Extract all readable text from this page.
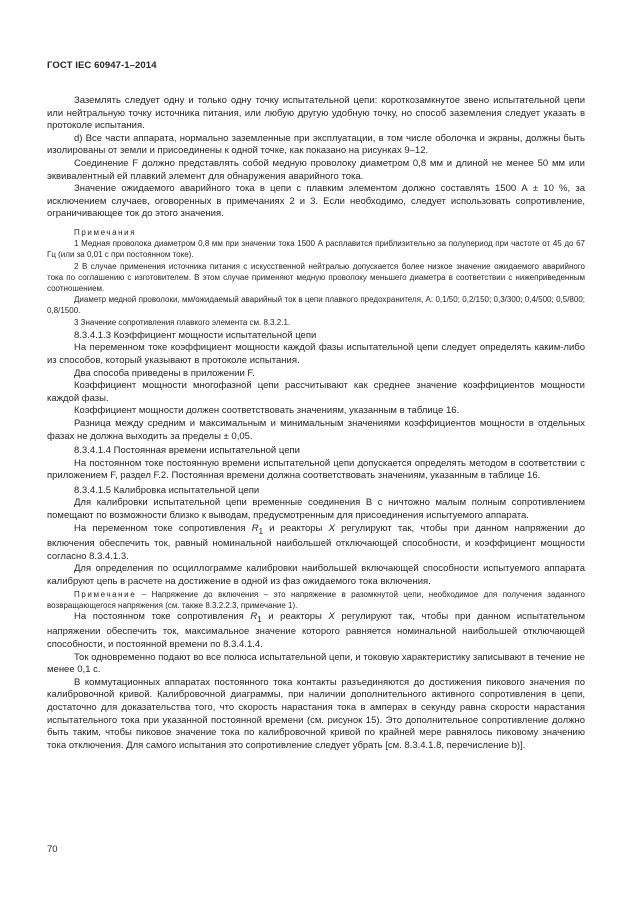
ГОСТ IEC 60947-1–2014

Заземлять следует одну и только одну точку испытательной цепи: короткозамкнутое звено испытательной цепи или нейтральную точку источника питания, или любую другую удобную точку, но способ заземления следует указать в протоколе испытания.

d) Все части аппарата, нормально заземленные при эксплуатации, в том числе оболочка и экраны, должны быть изолированы от земли и присоединены к одной точке, как показано на рисунках 9–12.

Соединение F должно представлять собой медную проволоку диаметром 0,8 мм и длиной не менее 50 мм или эквивалентный ей плавкий элемент для обнаружения аварийного тока.

Значение ожидаемого аварийного тока в цепи с плавким элементом должно составлять 1500 А ± 10 %, за исключением случаев, оговоренных в примечаниях 2 и 3. Если необходимо, следует использовать сопротивление, ограничивающее ток до этого значения.

Примечания

1 Медная проволока диаметром 0,8 мм при значении тока 1500 А расплавится приблизительно за полупериод при частоте от 45 до 67 Гц (или за 0,01 с при постоянном токе).

2 В случае применения источника питания с искусственной нейтралью допускается более низкое значение ожидаемого аварийного тока по соглашению с изготовителем. В этом случае применяют медную проволоку меньшего диаметра в соответствии с нижеприведенным соотношением.

Диаметр медной проволоки, мм/ожидаемый аварийный ток в цепи плавкого предохранителя, А: 0,1/50; 0,2/150; 0,3/300; 0,4/500; 0,5/800; 0,8/1500.

3 Значение сопротивления плавкого элемента см. 8.3.2.1.

8.3.4.1.3 Коэффициент мощности испытательной цепи

На переменном токе коэффициент мощности каждой фазы испытательной цепи следует определять каким-либо из способов, который указывают в протоколе испытания.

Два способа приведены в приложении F.

Коэффициент мощности многофазной цепи рассчитывают как среднее значение коэффициентов мощности каждой фазы.

Коэффициент мощности должен соответствовать значениям, указанным в таблице 16.

Разница между средним и максимальным и минимальным значениями коэффициентов мощности в отдельных фазах не должна выходить за пределы ± 0,05.

8.3.4.1.4 Постоянная времени испытательной цепи

На постоянном токе постоянную времени испытательной цепи допускается определять методом в соответствии с приложением F, раздел F.2. Постоянная времени должна соответствовать значениям, указанным в таблице 16.

8.3.4.1.5 Калибровка испытательной цепи

Для калибровки испытательной цепи временные соединения В с ничтожно малым полным сопротивлением помещают по возможности близко к выводам, предусмотренным для присоединения испытуемого аппарата.

На переменном токе сопротивления $R_1$ и реакторы X регулируют так, чтобы при данном напряжении до включения обеспечить ток, равный номинальной наибольшей отключающей способности, и коэффициент мощности согласно 8.3.4.1.3.

Для определения по осциллограмме калибровки наибольшей включающей способности испытуемого аппарата калибруют цепь в расчете на достижение в одной из фаз ожидаемого тока включения.

Примечание – Напряжение до включения – это напряжение в разомкнутой цепи, необходимое для получения заданного возвращающегося напряжения (см. также 8.3.2.2.3, примечание 1).

На постоянном токе сопротивления $R_1$ и реакторы X регулируют так, чтобы при данном испытательном напряжении обеспечить ток, максимальное значение которого равняется номинальной наибольшей отключающей способности, и постоянной времени по 8.3.4.1.4.

Ток одновременно подают во все полюса испытательной цепи, и токовую характеристику записывают в течение не менее 0,1 с.

В коммутационных аппаратах постоянного тока контакты разъединяются до достижения пикового значения по калибровочной кривой. Калибровочной диаграммы, при наличии дополнительного активного сопротивления в цепи, достаточно для доказательства того, что скорость нарастания тока в амперах в секунду равна скорости нарастания испытательного тока при указанной постоянной времени (см. рисунок 15). Это дополнительное сопротивление должно быть таким, чтобы пиковое значение тока по калибровочной кривой по крайней мере равнялось пиковому значению тока отключения. Для самого испытания это сопротивление следует убрать [см. 8.3.4.1.8, перечисление b)].

70
